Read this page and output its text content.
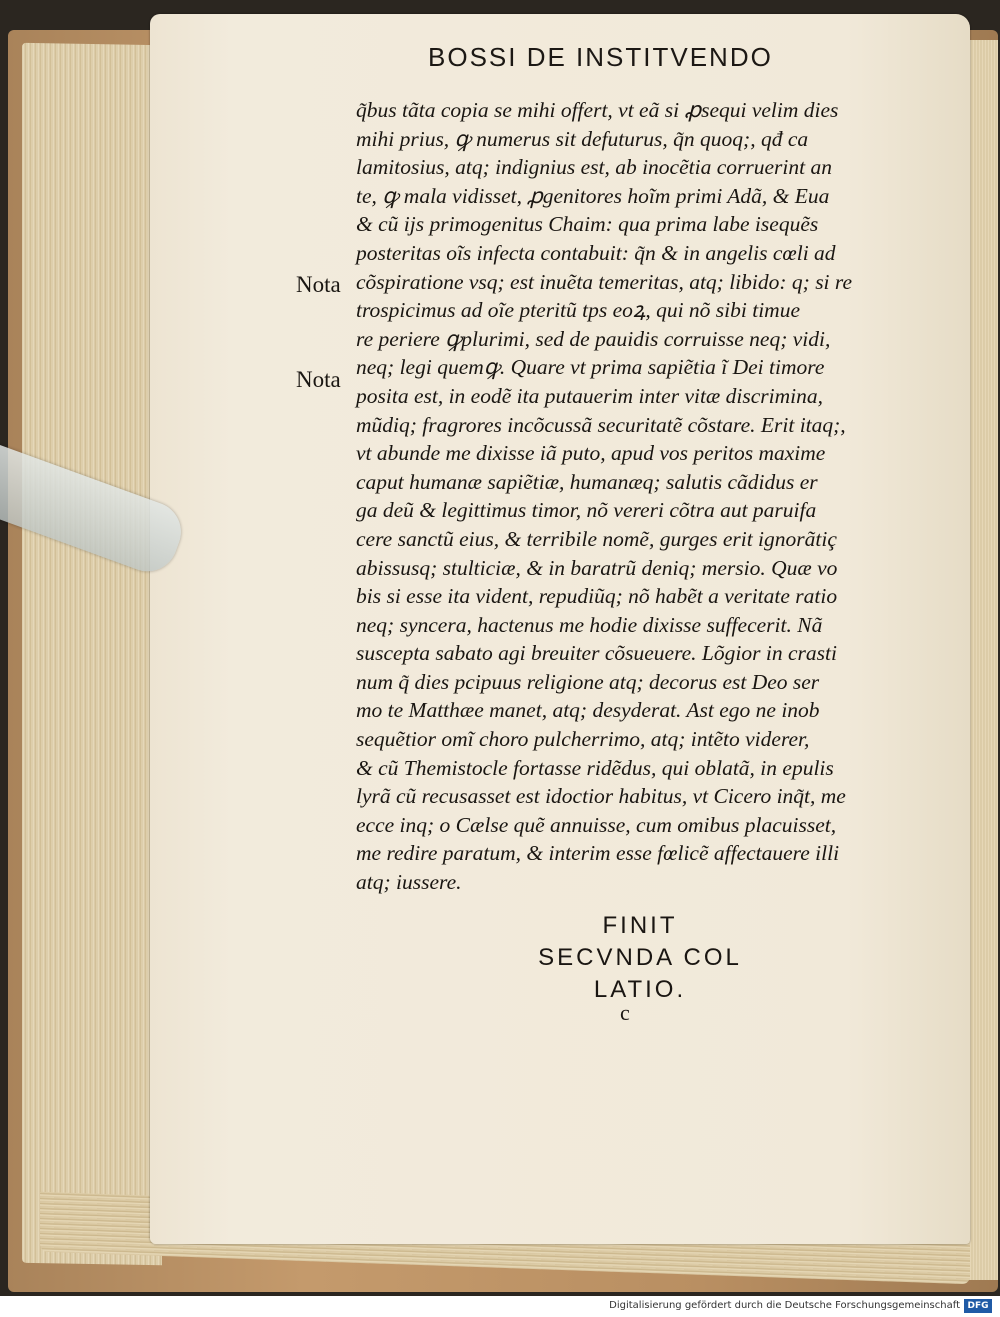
BOSSI DE INSTITVENDO
Nota
Nota
q̃bus tãta copia se mihi offert, vt eã si ꝓsequi velim dies
mihi prius, ꝙ numerus sit defuturus, q̃n quoq;, qđ ca
lamitosius, atq; indignius est, ab inocẽtia corruerint an
te, ꝙ mala vidisset, ꝓgenitores hoĩm primi Adã, & Eua
& cũ ijs primogenitus Chaim: qua prima labe isequẽs
posteritas oĩs infecta contabuit: q̃n & in angelis cœli ad
cõspiratione vsq; est inuẽta temeritas, atq; libido: q; si re
trospicimus ad oĩe pteritũ tps eoꝝ, qui nõ sibi timue
re periere ꝙplurimi, sed de pauidis corruisse neq; vidi,
neq; legi quemꝙ. Quare vt prima sapiẽtia ĩ Dei timore
posita est, in eodẽ ita putauerim inter vitæ discrimina,
mũdiq; fragrores incõcussã securitatẽ cõstare. Erit itaq;,
vt abunde me dixisse iã puto, apud vos peritos maxime
caput humanæ sapiẽtiæ, humanæq; salutis cãdidus er
ga deũ & legittimus timor, nõ vereri cõtra aut paruifa
cere sanctũ eius, & terribile nomẽ, gurges erit ignorãtiç
abissusq; stulticiæ, & in baratrũ deniq; mersio. Quæ vo
bis si esse ita vident, repudiũq; nõ habẽt a veritate ratio
neq; syncera, hactenus me hodie dixisse suffecerit. Nã
suscepta sabato agi breuiter cõsueuere. Lõgior in crasti
num q̃ dies pcipuus religione atq; decorus est Deo ser
mo te Matthæe manet, atq; desyderat. Ast ego ne inob
sequẽtior omĩ choro pulcherrimo, atq; intẽto viderer,
& cũ Themistocle fortasse ridẽdus, qui oblatã, in epulis
lyrã cũ recusasset est idoctior habitus, vt Cicero inq̃t, me
ecce inq; o Cælse quẽ annuisse, cum omibus placuisset,
me redire paratum, & interim esse fœlicẽ affectauere illi
atq; iussere.
FINIT
SECVNDA COL
LATIO.
c
Digitalisierung gefördert durch die Deutsche Forschungsgemeinschaft DFG
